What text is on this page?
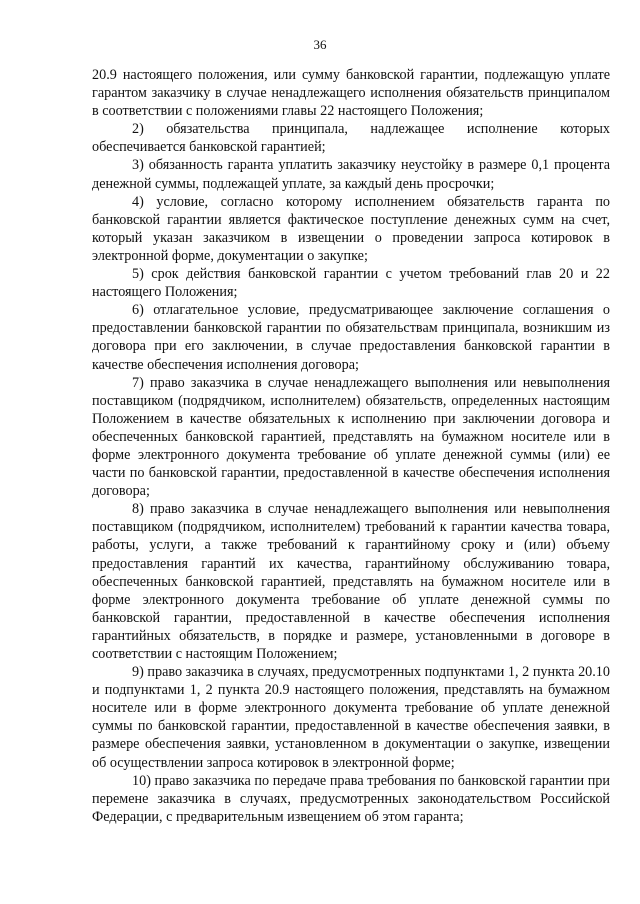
36

20.9 настоящего положения, или сумму банковской гарантии, подлежащую уплате гарантом заказчику в случае ненадлежащего исполнения обязательств принципалом в соответствии с положениями главы 22 настоящего Положения;

2) обязательства принципала, надлежащее исполнение которых обеспечивается банковской гарантией;

3) обязанность гаранта уплатить заказчику неустойку в размере 0,1 процента денежной суммы, подлежащей уплате, за каждый день просрочки;

4) условие, согласно которому исполнением обязательств гаранта по банковской гарантии является фактическое поступление денежных сумм на счет, который указан заказчиком в извещении о проведении запроса котировок в электронной форме, документации о закупке;

5) срок действия банковской гарантии с учетом требований глав 20 и 22 настоящего Положения;

6) отлагательное условие, предусматривающее заключение соглашения о предоставлении банковской гарантии по обязательствам принципала, возникшим из договора при его заключении, в случае предоставления банковской гарантии в качестве обеспечения исполнения договора;

7) право заказчика в случае ненадлежащего выполнения или невыполнения поставщиком (подрядчиком, исполнителем) обязательств, определенных настоящим Положением в качестве обязательных к исполнению при заключении договора и обеспеченных банковской гарантией, представлять на бумажном носителе или в форме электронного документа требование об уплате денежной суммы (или) ее части по банковской гарантии, предоставленной в качестве обеспечения исполнения договора;

8) право заказчика в случае ненадлежащего выполнения или невыполнения поставщиком (подрядчиком, исполнителем) требований к гарантии качества товара, работы, услуги, а также требований к гарантийному сроку и (или) объему предоставления гарантий их качества, гарантийному обслуживанию товара, обеспеченных банковской гарантией, представлять на бумажном носителе или в форме электронного документа требование об уплате денежной суммы по банковской гарантии, предоставленной в качестве обеспечения исполнения гарантийных обязательств, в порядке и размере, установленными в договоре в соответствии с настоящим Положением;

9) право заказчика в случаях, предусмотренных подпунктами 1, 2 пункта 20.10 и подпунктами 1, 2 пункта 20.9 настоящего положения, представлять на бумажном носителе или в форме электронного документа требование об уплате денежной суммы по банковской гарантии, предоставленной в качестве обеспечения заявки, в размере обеспечения заявки, установленном в документации о закупке, извещении об осуществлении запроса котировок в электронной форме;

10) право заказчика по передаче права требования по банковской гарантии при перемене заказчика в случаях, предусмотренных законодательством Российской Федерации, с предварительным извещением об этом гаранта;
